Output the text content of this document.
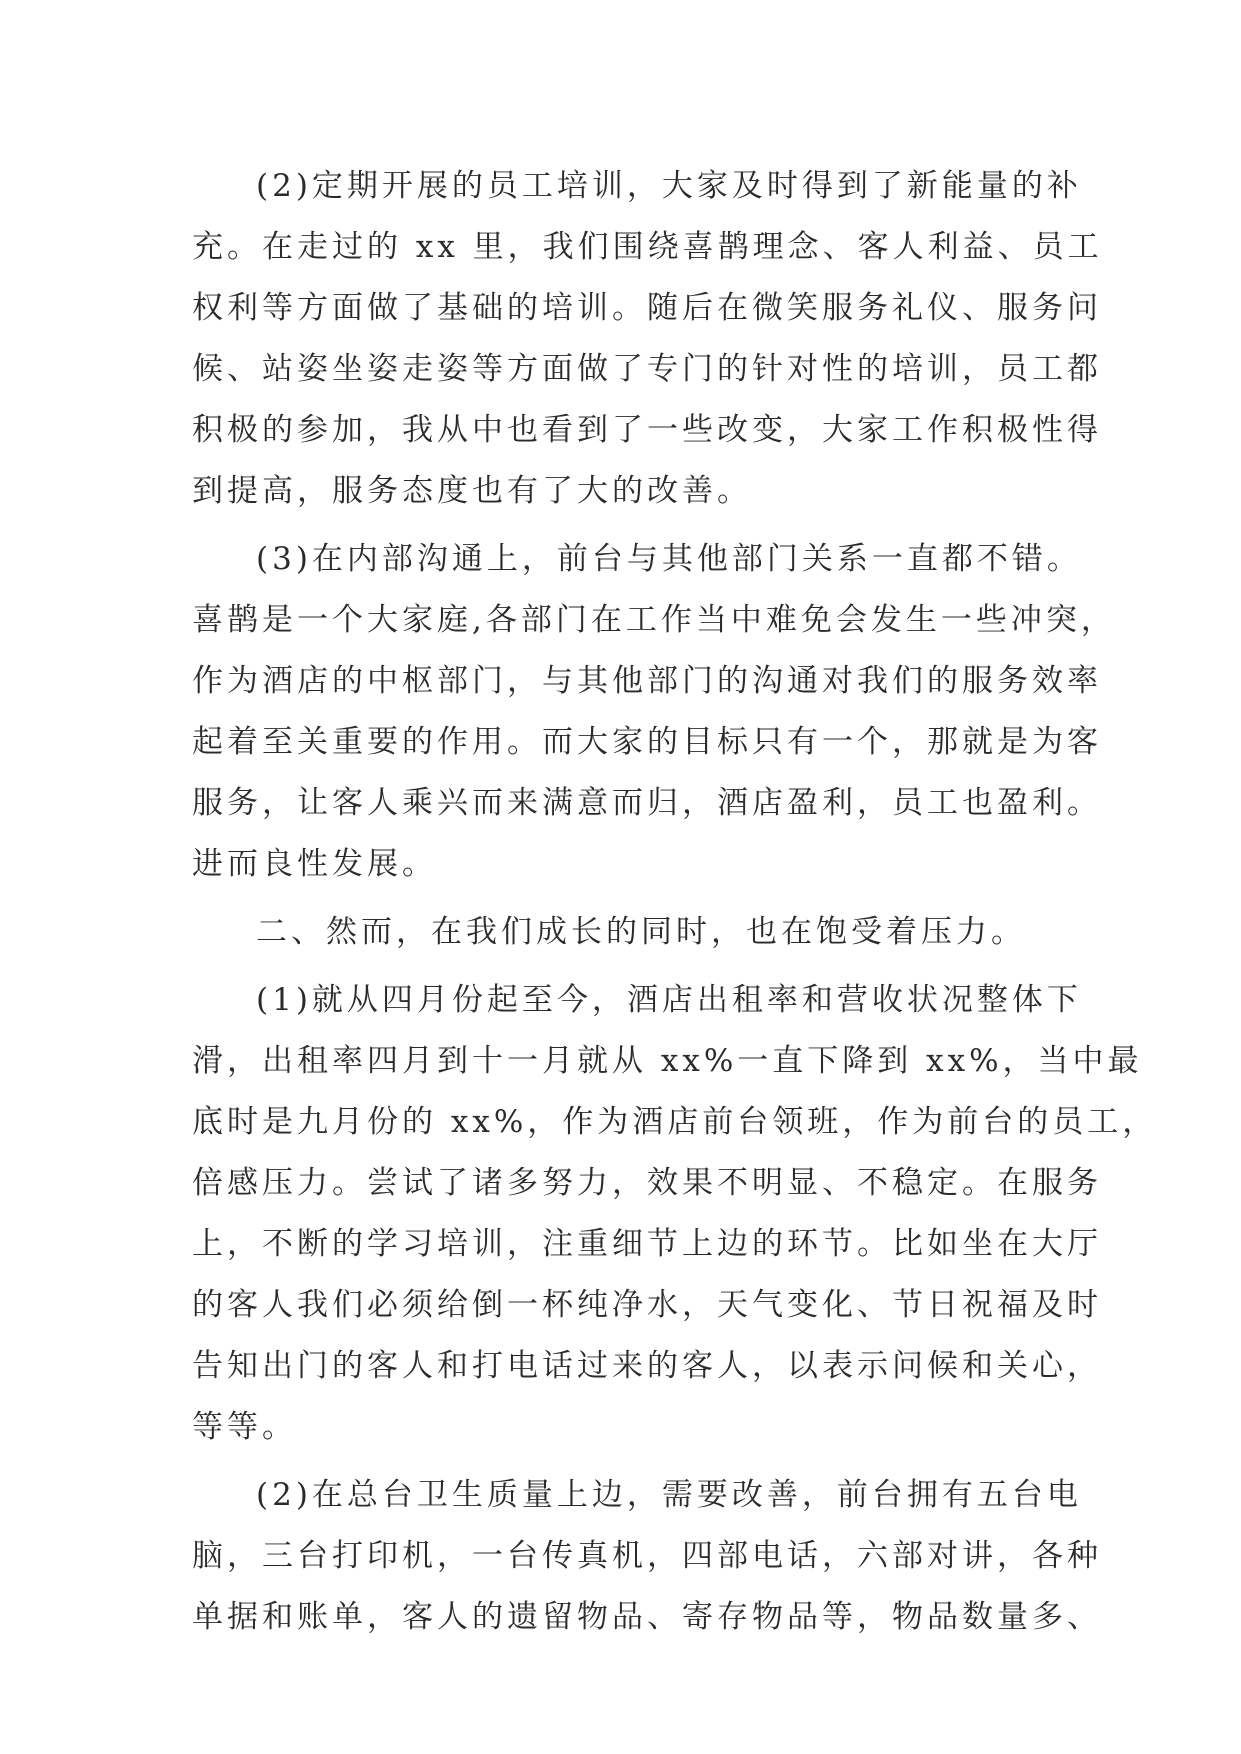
(2)定期开展的员工培训，大家及时得到了新能量的补
充。在走过的 xx 里，我们围绕喜鹊理念、客人利益、员工
权利等方面做了基础的培训。随后在微笑服务礼仪、服务问
候、站姿坐姿走姿等方面做了专门的针对性的培训，员工都
积极的参加，我从中也看到了一些改变，大家工作积极性得
到提高，服务态度也有了大的改善。
(3)在内部沟通上，前台与其他部门关系一直都不错。
喜鹊是一个大家庭,各部门在工作当中难免会发生一些冲突，
作为酒店的中枢部门，与其他部门的沟通对我们的服务效率
起着至关重要的作用。而大家的目标只有一个，那就是为客
服务，让客人乘兴而来满意而归，酒店盈利，员工也盈利。
进而良性发展。
二、然而，在我们成长的同时，也在饱受着压力。
(1)就从四月份起至今，酒店出租率和营收状况整体下
滑，出租率四月到十一月就从 xx%一直下降到 xx%，当中最
底时是九月份的 xx%，作为酒店前台领班，作为前台的员工，
倍感压力。尝试了诸多努力，效果不明显、不稳定。在服务
上，不断的学习培训，注重细节上边的环节。比如坐在大厅
的客人我们必须给倒一杯纯净水，天气变化、节日祝福及时
告知出门的客人和打电话过来的客人，以表示问候和关心，
等等。
(2)在总台卫生质量上边，需要改善，前台拥有五台电
脑，三台打印机，一台传真机，四部电话，六部对讲，各种
单据和账单，客人的遗留物品、寄存物品等，物品数量多、
